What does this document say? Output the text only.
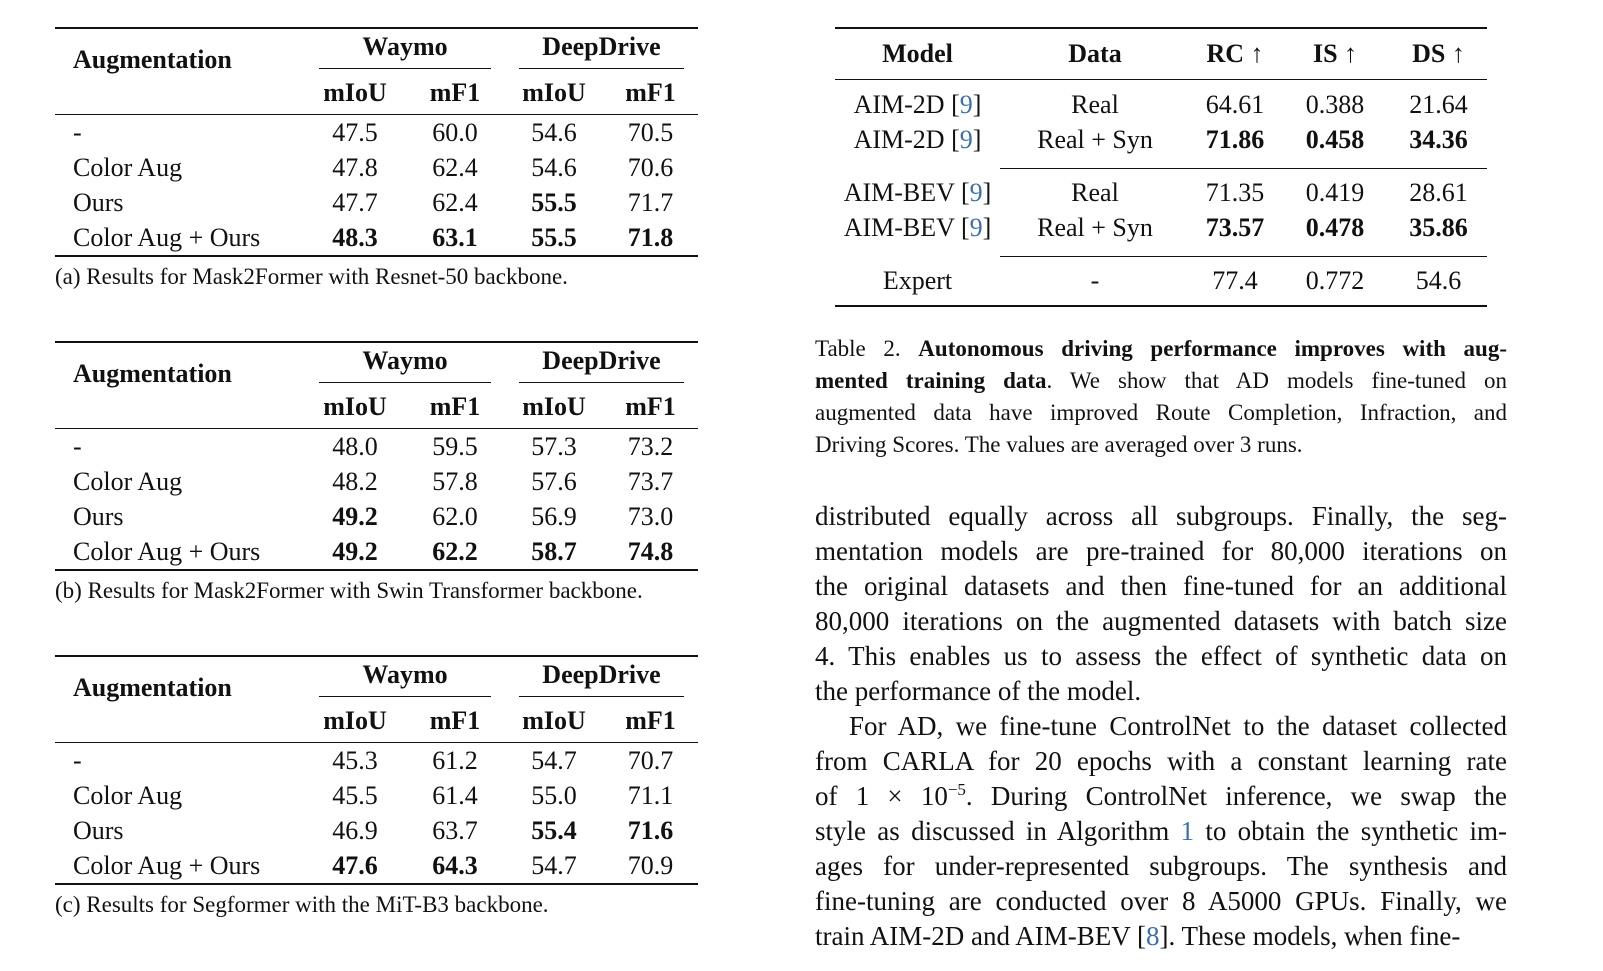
Augmentation	Waymo		DeepDrive	

	mIoU	mF1	mIoU	mF1
-	47.5	60.0	54.6	70.5
Color Aug	47.8	62.4	54.6	70.6
Ours	47.7	62.4	55.5	71.7
Color Aug + Ours	48.3	63.1	55.5	71.8
(a) Results for Mask2Former with Resnet-50 backbone.
Augmentation	Waymo		DeepDrive	

	mIoU	mF1	mIoU	mF1
-	48.0	59.5	57.3	73.2
Color Aug	48.2	57.8	57.6	73.7
Ours	49.2	62.0	56.9	73.0
Color Aug + Ours	49.2	62.2	58.7	74.8
(b) Results for Mask2Former with Swin Transformer backbone.
Augmentation	Waymo		DeepDrive	

	mIoU	mF1	mIoU	mF1
-	45.3	61.2	54.7	70.7
Color Aug	45.5	61.4	55.0	71.1
Ours	46.9	63.7	55.4	71.6
Color Aug + Ours	47.6	64.3	54.7	70.9
(c) Results for Segformer with the MiT-B3 backbone.
Model	Data	RC ↑	IS ↑	DS ↑

AIM-2D [9]	Real	64.61	0.388	21.64
AIM-2D [9]	Real + Syn	71.86	0.458	34.36

AIM-BEV [9]	Real	71.35	0.419	28.61
AIM-BEV [9]	Real + Syn	73.57	0.478	35.86

Expert	-	77.4	0.772	54.6
Table 2. Autonomous driving performance improves with aug-
mented training data. We show that AD models fine-tuned on
augmented data have improved Route Completion, Infraction, and
Driving Scores. The values are averaged over 3 runs.
distributed equally across all subgroups. Finally, the seg-
mentation models are pre-trained for 80,000 iterations on
the original datasets and then fine-tuned for an additional
80,000 iterations on the augmented datasets with batch size
4. This enables us to assess the effect of synthetic data on
the performance of the model.
For AD, we fine-tune ControlNet to the dataset collected
from CARLA for 20 epochs with a constant learning rate
of $1 \times 10^{-5}$. During ControlNet inference, we swap the
style as discussed in Algorithm 1 to obtain the synthetic im-
ages for under-represented subgroups. The synthesis and
fine-tuning are conducted over 8 A5000 GPUs. Finally, we
train AIM-2D and AIM-BEV [8]. These models, when fine-
